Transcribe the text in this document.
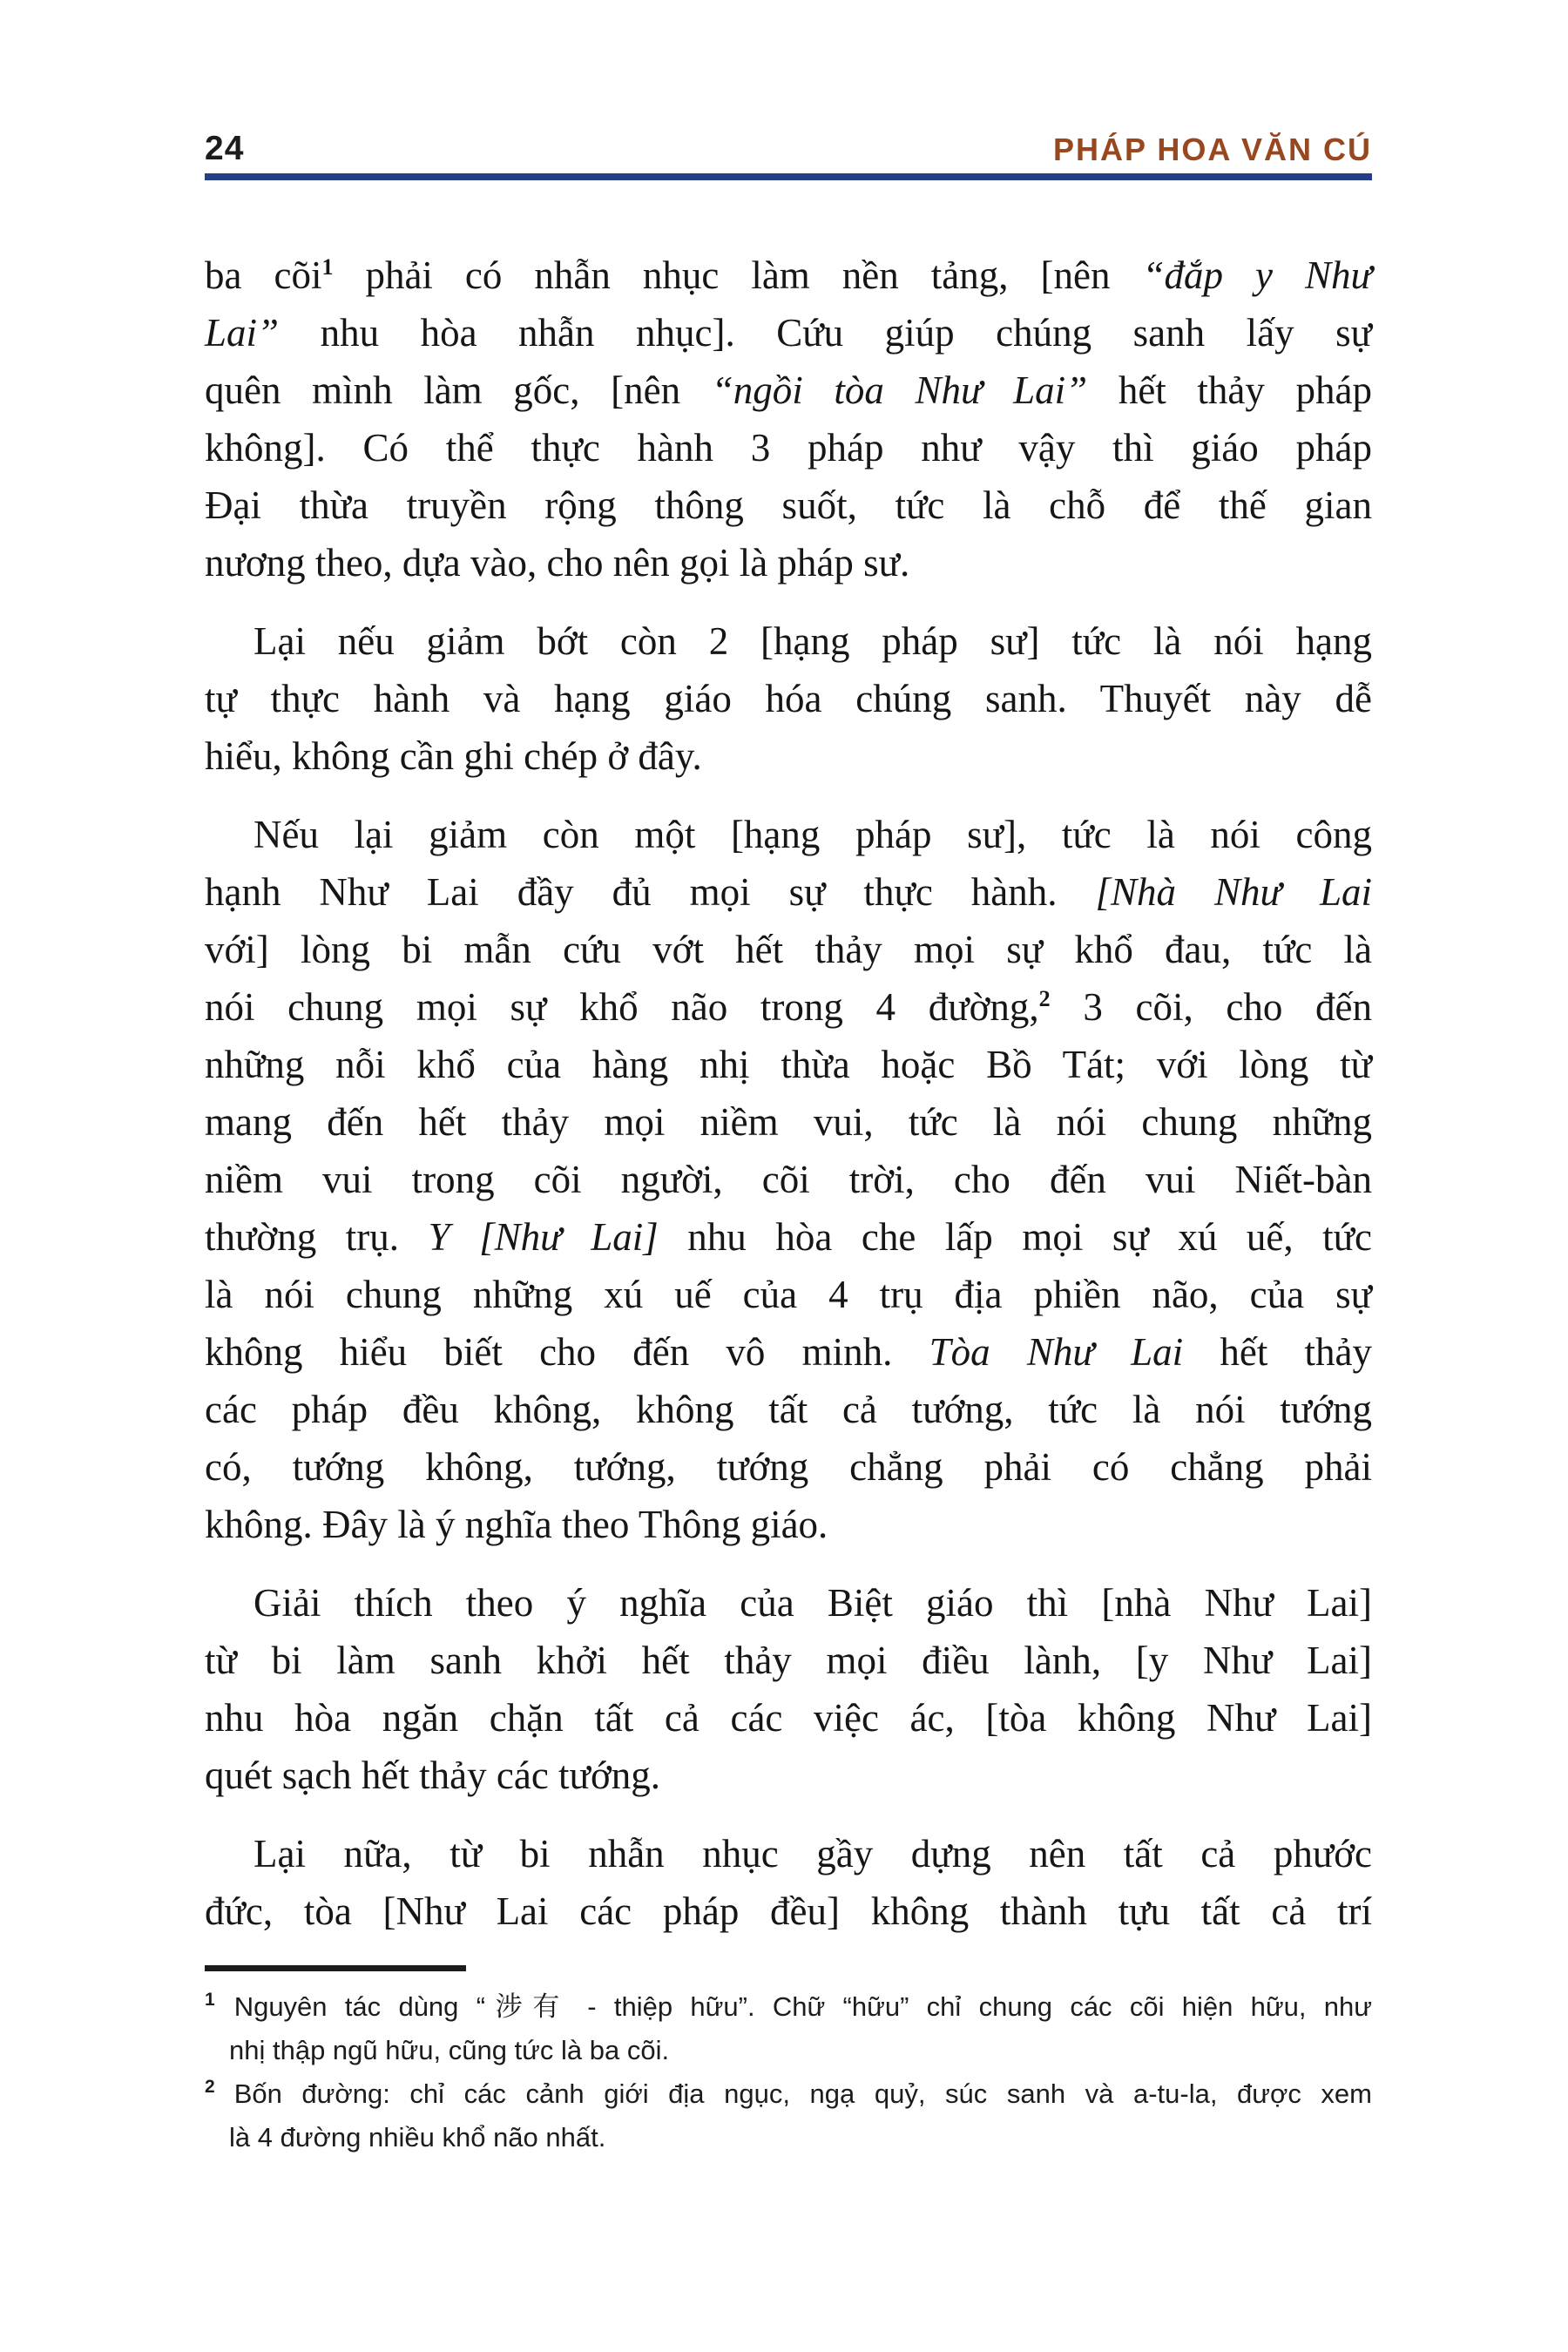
24	PHÁP HOA VĂN CÚ
ba cõi$^1$ phải có nhẫn nhục làm nền tảng, [nên “đắp y Như
Lai” nhu hòa nhẫn nhục]. Cứu giúp chúng sanh lấy sự
quên mình làm gốc, [nên “ngồi tòa Như Lai” hết thảy pháp
không]. Có thể thực hành 3 pháp như vậy thì giáo pháp
Đại thừa truyền rộng thông suốt, tức là chỗ để thế gian
nương theo, dựa vào, cho nên gọi là pháp sư.
Lại nếu giảm bớt còn 2 [hạng pháp sư] tức là nói hạng
tự thực hành và hạng giáo hóa chúng sanh. Thuyết này dễ
hiểu, không cần ghi chép ở đây.
Nếu lại giảm còn một [hạng pháp sư], tức là nói công
hạnh Như Lai đầy đủ mọi sự thực hành. [Nhà Như Lai
với] lòng bi mẫn cứu vớt hết thảy mọi sự khổ đau, tức là
nói chung mọi sự khổ não trong 4 đường,$^2$ 3 cõi, cho đến
những nỗi khổ của hàng nhị thừa hoặc Bồ Tát; với lòng từ
mang đến hết thảy mọi niềm vui, tức là nói chung những
niềm vui trong cõi người, cõi trời, cho đến vui Niết-bàn
thường trụ. Y [Như Lai] nhu hòa che lấp mọi sự xú uế, tức
là nói chung những xú uế của 4 trụ địa phiền não, của sự
không hiểu biết cho đến vô minh. Tòa Như Lai hết thảy
các pháp đều không, không tất cả tướng, tức là nói tướng
có, tướng không, tướng, tướng chẳng phải có chẳng phải
không. Đây là ý nghĩa theo Thông giáo.
Giải thích theo ý nghĩa của Biệt giáo thì [nhà Như Lai]
từ bi làm sanh khởi hết thảy mọi điều lành, [y Như Lai]
nhu hòa ngăn chặn tất cả các việc ác, [tòa không Như Lai]
quét sạch hết thảy các tướng.
Lại nữa, từ bi nhẫn nhục gầy dựng nên tất cả phước
đức, tòa [Như Lai các pháp đều] không thành tựu tất cả trí
$^1$ Nguyên tác dùng “涉有 - thiệp hữu”. Chữ “hữu” chỉ chung các cõi hiện hữu, như
nhị thập ngũ hữu, cũng tức là ba cõi.
$^2$ Bốn đường: chỉ các cảnh giới địa ngục, ngạ quỷ, súc sanh và a-tu-la, được xem
là 4 đường nhiều khổ não nhất.
